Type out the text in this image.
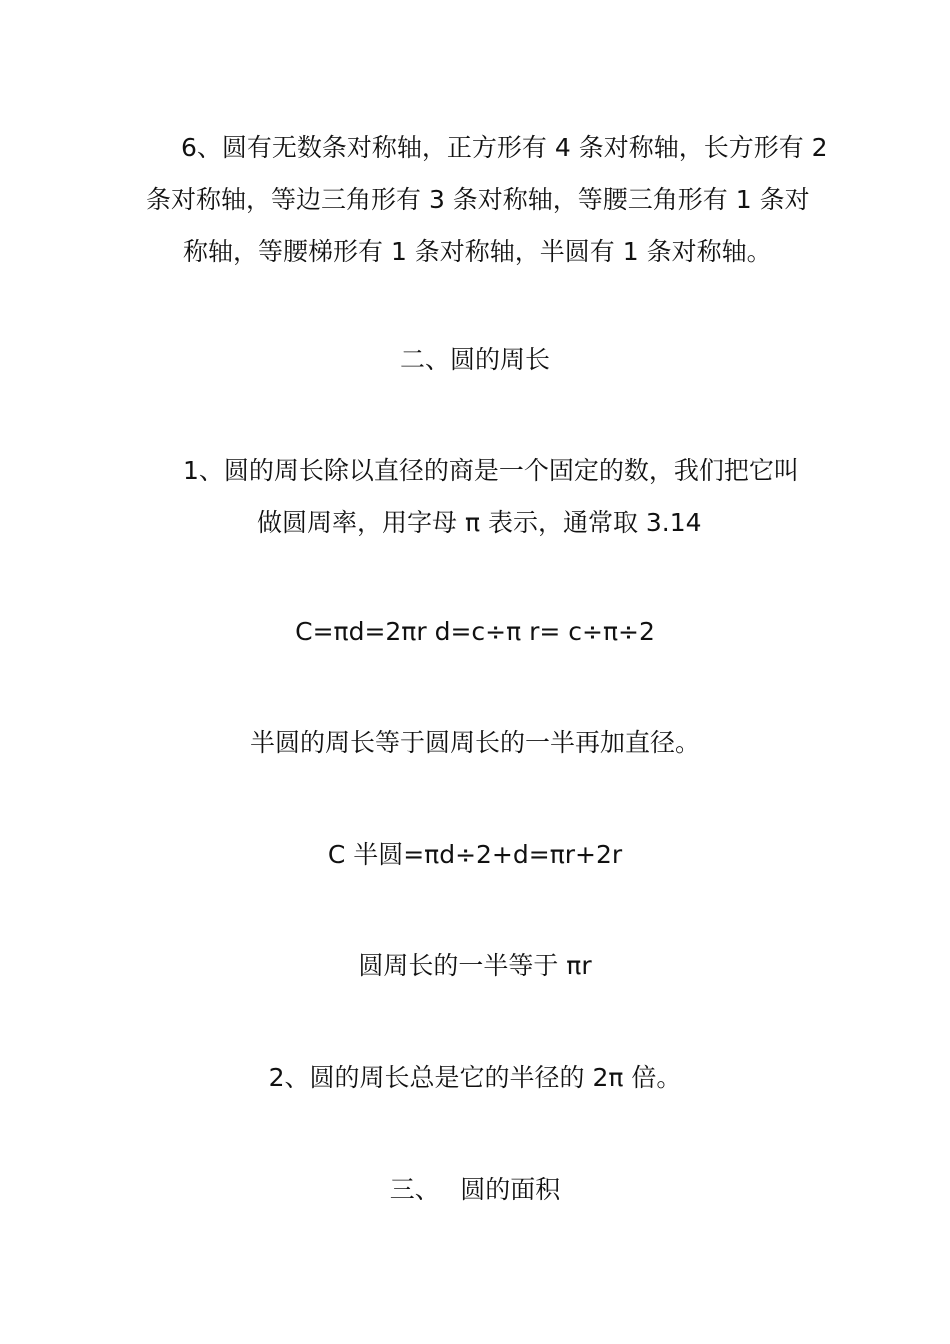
6、圆有无数条对称轴，正方形有 4 条对称轴，长方形有 2
条对称轴，等边三角形有 3 条对称轴，等腰三角形有 1 条对
称轴，等腰梯形有 1 条对称轴，半圆有 1 条对称轴。
二、圆的周长
1、圆的周长除以直径的商是一个固定的数，我们把它叫
做圆周率，用字母 π 表示，通常取 3.14
C=πd=2πr d=c÷π r= c÷π÷2
半圆的周长等于圆周长的一半再加直径。
C 半圆=πd÷2+d=πr+2r
圆周长的一半等于 πr
2、圆的周长总是它的半径的 2π 倍。
三、　 圆的面积
